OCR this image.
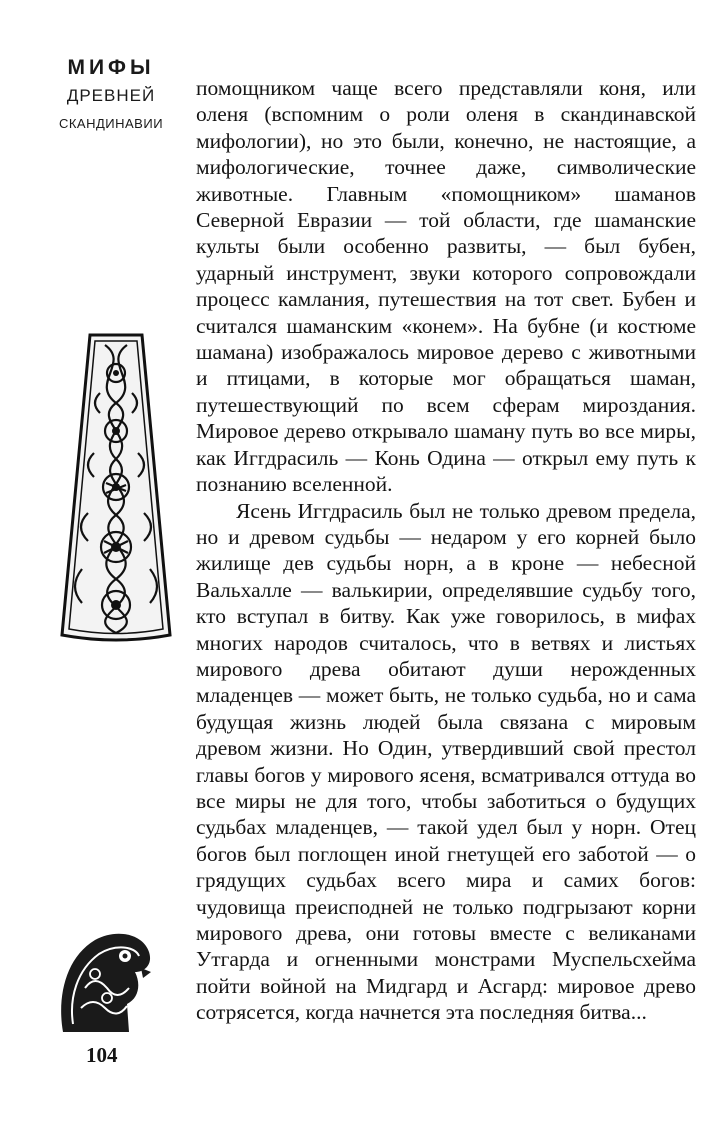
МИФЫ
ДРЕВНЕЙ
СКАНДИНАВИИ

помощником чаще всего представляли коня, или оленя (вспомним о роли оленя в скандинавской мифологии), но это были, конечно, не настоящие, а мифологические, точнее даже, символические животные. Главным «помощником» шаманов Северной Евразии — той области, где шаманские культы были особенно развиты, — был бубен, ударный инструмент, звуки которого сопровождали процесс камлания, путешествия на тот свет. Бубен и считался шаманским «конем». На бубне (и костюме шамана) изображалось мировое дерево с животными и птицами, в которые мог обращаться шаман, путешествующий по всем сферам мироздания. Мировое дерево открывало шаману путь во все миры, как Иггдрасиль — Конь Одина — открыл ему путь к познанию вселенной.

Ясень Иггдрасиль был не только древом предела, но и древом судьбы — недаром у его корней было жилище дев судьбы норн, а в кроне — небесной Вальхалле — валькирии, определявшие судьбу того, кто вступал в битву. Как уже говорилось, в мифах многих народов считалось, что в ветвях и листьях мирового древа обитают души нерожденных младенцев — может быть, не только судьба, но и сама будущая жизнь людей была связана с мировым древом жизни. Но Один, утвердивший свой престол главы богов у мирового ясеня, всматривался оттуда во все миры не для того, чтобы заботиться о будущих судьбах младенцев, — такой удел был у норн. Отец богов был поглощен иной гнетущей его заботой — о грядущих судьбах всего мира и самих богов: чудовища преисподней не только подгрызают корни мирового древа, они готовы вместе с великанами Утгарда и огненными монстрами Муспельсхейма пойти войной на Мидгард и Асгард: мировое древо сотрясется, когда начнется эта последняя битва...

104
